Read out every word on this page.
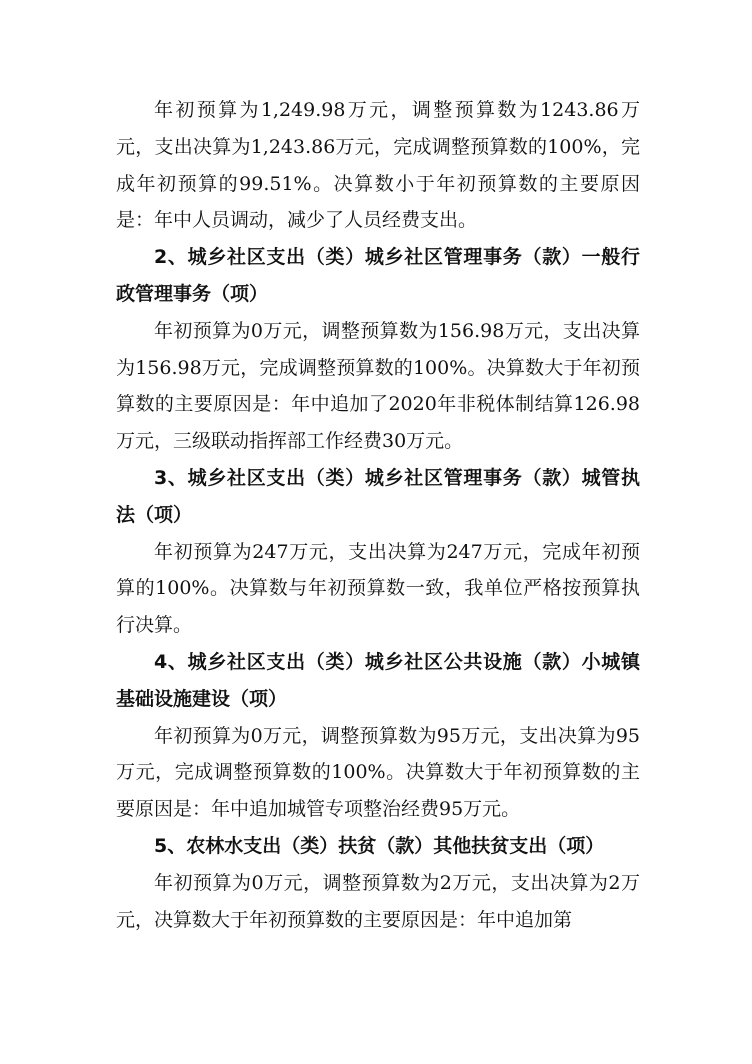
年初预算为1,249.98万元，调整预算数为1243.86万元，支出决算为1,243.86万元，完成调整预算数的100%，完成年初预算的99.51%。决算数小于年初预算数的主要原因是：年中人员调动，减少了人员经费支出。

2、城乡社区支出（类）城乡社区管理事务（款）一般行政管理事务（项）

年初预算为0万元，调整预算数为156.98万元，支出决算为156.98万元，完成调整预算数的100%。决算数大于年初预算数的主要原因是：年中追加了2020年非税体制结算126.98万元，三级联动指挥部工作经费30万元。

3、城乡社区支出（类）城乡社区管理事务（款）城管执法（项）

年初预算为247万元，支出决算为247万元，完成年初预算的100%。决算数与年初预算数一致，我单位严格按预算执行决算。

4、城乡社区支出（类）城乡社区公共设施（款）小城镇基础设施建设（项）

年初预算为0万元，调整预算数为95万元，支出决算为95万元，完成调整预算数的100%。决算数大于年初预算数的主要原因是：年中追加城管专项整治经费95万元。

5、农林水支出（类）扶贫（款）其他扶贫支出（项）

年初预算为0万元，调整预算数为2万元，支出决算为2万元，决算数大于年初预算数的主要原因是：年中追加第
